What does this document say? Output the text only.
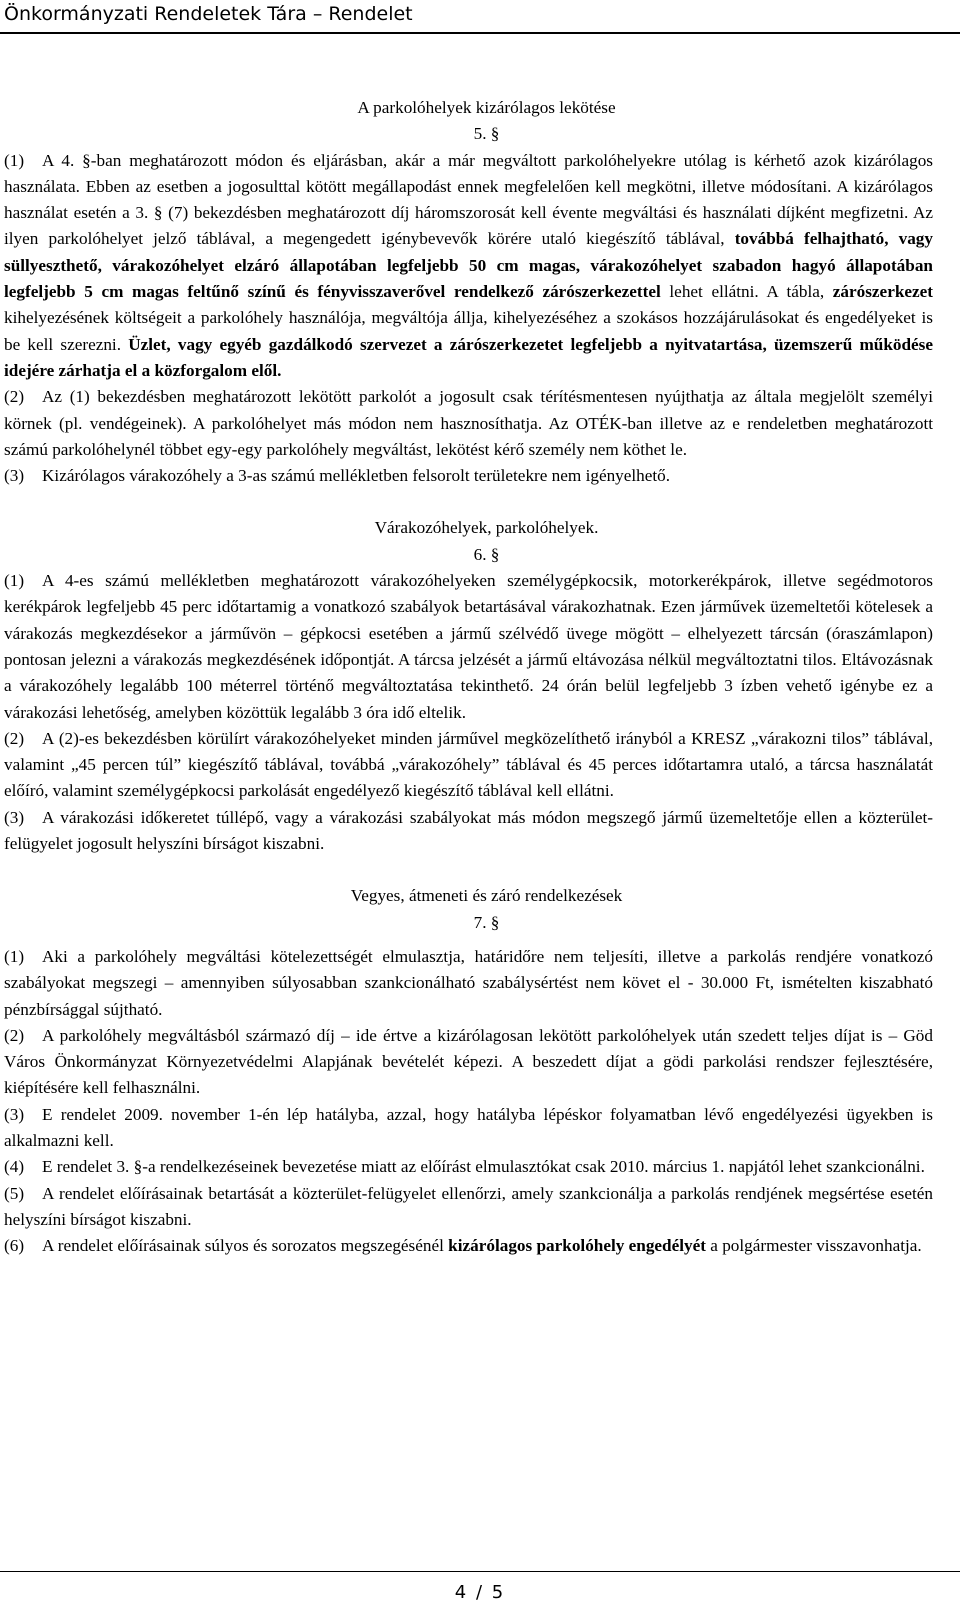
Önkormányzati Rendeletek Tára – Rendelet
A parkolóhelyek kizárólagos lekötése
5. §
(1)	A 4. §-ban meghatározott módon és eljárásban, akár a már megváltott parkolóhelyekre utólag is kérhető azok kizárólagos használata. Ebben az esetben a jogosulttal kötött megállapodást ennek megfelelően kell megkötni, illetve módosítani. A kizárólagos használat esetén a 3. § (7) bekezdésben meghatározott díj háromszorosát kell évente megváltási és használati díjként megfizetni. Az ilyen parkolóhelyet jelző táblával, a megengedett igénybevevők körére utaló kiegészítő táblával, továbbá felhajtható, vagy süllyeszthető, várakozóhelyet elzáró állapotában legfeljebb 50 cm magas, várakozóhelyet szabadon hagyó állapotában legfeljebb 5 cm magas feltűnő színű és fényvisszaverővel rendelkező zárószerkezettel lehet ellátni. A tábla, zárószerkezet kihelyezésének költségeit a parkolóhely használója, megváltója állja, kihelyezéséhez a szokásos hozzájárulásokat és engedélyeket is be kell szerezni. Üzlet, vagy egyéb gazdálkodó szervezet a zárószerkezetet legfeljebb a nyitvatartása, üzemszerű működése idejére zárhatja el a közforgalom elől.
(2)	Az (1) bekezdésben meghatározott lekötött parkolót a jogosult csak térítésmentesen nyújthatja az általa megjelölt személyi körnek (pl. vendégeinek). A parkolóhelyet más módon nem hasznosíthatja. Az OTÉK-ban illetve az e rendeletben meghatározott számú parkolóhelynél többet egy-egy parkolóhely megváltást, lekötést kérő személy nem köthet le.
(3)	Kizárólagos várakozóhely a 3-as számú mellékletben felsorolt területekre nem igényelhető.
Várakozóhelyek, parkolóhelyek.
6. §
(1)	A 4-es számú mellékletben meghatározott várakozóhelyeken személygépkocsik, motorkerékpárok, illetve segédmotoros kerékpárok legfeljebb 45 perc időtartamig a vonatkozó szabályok betartásával várakozhatnak. Ezen járművek üzemeltetői kötelesek a várakozás megkezdésekor a járművön – gépkocsi esetében a jármű szélvédő üvege mögött – elhelyezett tárcsán (óraszámlapon) pontosan jelezni a várakozás megkezdésének időpontját. A tárcsa jelzését a jármű eltávozása nélkül megváltoztatni tilos. Eltávozásnak a várakozóhely legalább 100 méterrel történő megváltoztatása tekinthető. 24 órán belül legfeljebb 3 ízben vehető igénybe ez a várakozási lehetőség, amelyben közöttük legalább 3 óra idő eltelik.
(2)	A (2)-es bekezdésben körülírt várakozóhelyeket minden járművel megközelíthető irányból a KRESZ „várakozni tilos” táblával, valamint „45 percen túl” kiegészítő táblával, továbbá „várakozóhely” táblával és 45 perces időtartamra utaló, a tárcsa használatát előíró, valamint személygépkocsi parkolását engedélyező kiegészítő táblával kell ellátni.
(3)	A várakozási időkeretet túllépő, vagy a várakozási szabályokat más módon megszegő jármű üzemeltetője ellen a közterület-felügyelet jogosult helyszíni bírságot kiszabni.
Vegyes, átmeneti és záró rendelkezések
7. §
(1)	Aki a parkolóhely megváltási kötelezettségét elmulasztja, határidőre nem teljesíti, illetve a parkolás rendjére vonatkozó szabályokat megszegi – amennyiben súlyosabban szankcionálható szabálysértést nem követ el - 30.000 Ft, ismételten kiszabható pénzbírsággal sújtható.
(2)	A parkolóhely megváltásból származó díj – ide értve a kizárólagosan lekötött parkolóhelyek után szedett teljes díjat is – Göd Város Önkormányzat Környezetvédelmi Alapjának bevételét képezi. A beszedett díjat a gödi parkolási rendszer fejlesztésére, kiépítésére kell felhasználni.
(3)	E rendelet 2009. november 1-én lép hatályba, azzal, hogy hatályba lépéskor folyamatban lévő engedélyezési ügyekben is alkalmazni kell.
(4)	E rendelet 3. §-a rendelkezéseinek bevezetése miatt az előírást elmulasztókat csak 2010. március 1. napjától lehet szankcionálni.
(5)	A rendelet előírásainak betartását a közterület-felügyelet ellenőrzi, amely szankcionálja a parkolás rendjének megsértése esetén helyszíni bírságot kiszabni.
(6)	A rendelet előírásainak súlyos és sorozatos megszegésénél kizárólagos parkolóhely engedélyét a polgármester visszavonhatja.
4 / 5
